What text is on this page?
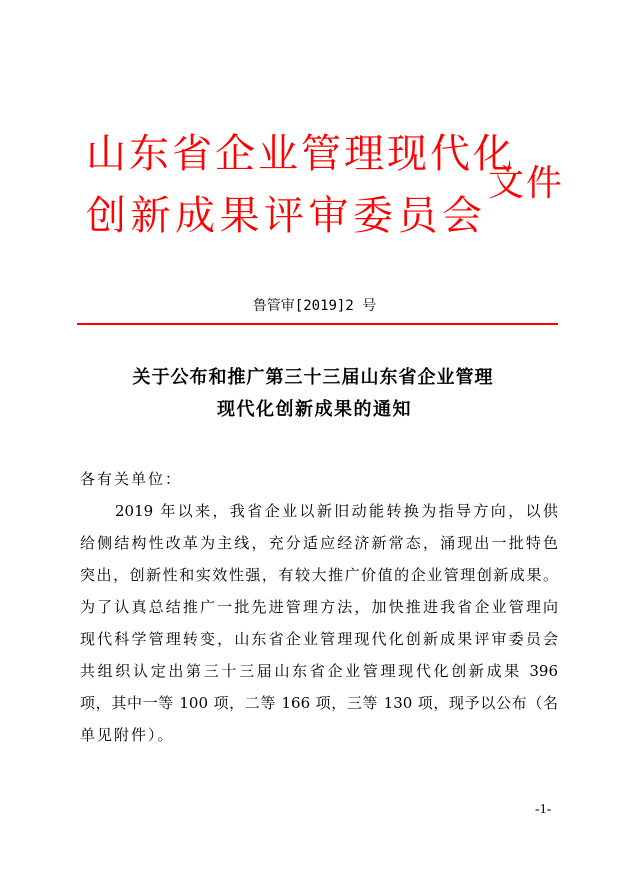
山东省企业管理现代化
创新成果评审委员会
文件
鲁管审[2019]2 号
关于公布和推广第三十三届山东省企业管理
现代化创新成果的通知
各有关单位：
2019 年以来，我省企业以新旧动能转换为指导方向，以供
给侧结构性改革为主线，充分适应经济新常态，涌现出一批特色
突出，创新性和实效性强，有较大推广价值的企业管理创新成果。
为了认真总结推广一批先进管理方法，加快推进我省企业管理向
现代科学管理转变，山东省企业管理现代化创新成果评审委员会
共组织认定出第三十三届山东省企业管理现代化创新成果 396
项，其中一等 100 项，二等 166 项，三等 130 项，现予以公布（名
单见附件）。
-1-
